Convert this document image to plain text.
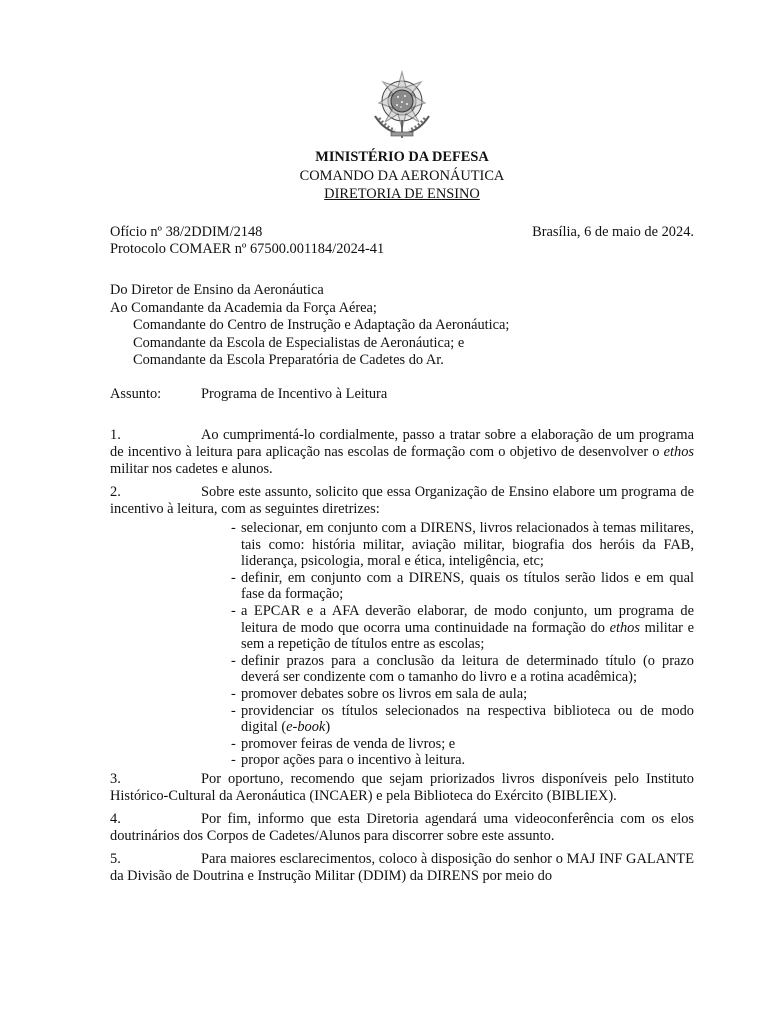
MINISTÉRIO DA DEFESA
COMANDO DA AERONÁUTICA
DIRETORIA DE ENSINO
Ofício nº 38/2DDIM/2148	Brasília, 6 de maio de 2024.
Protocolo COMAER nº 67500.001184/2024-41
Do Diretor de Ensino da Aeronáutica
Ao Comandante da Academia da Força Aérea;
Comandante do Centro de Instrução e Adaptação da Aeronáutica;
Comandante da Escola de Especialistas de Aeronáutica; e
Comandante da Escola Preparatória de Cadetes do Ar.
Assunto:	Programa de Incentivo à Leitura

1.	Ao cumprimentá-lo cordialmente, passo a tratar sobre a elaboração de um programa de incentivo à leitura para aplicação nas escolas de formação com o objetivo de desenvolver o ethos militar nos cadetes e alunos.

2.	Sobre este assunto, solicito que essa Organização de Ensino elabore um programa de incentivo à leitura, com as seguintes diretrizes:

- selecionar, em conjunto com a DIRENS, livros relacionados à temas militares, tais como: história militar, aviação militar, biografia dos heróis da FAB, liderança, psicologia, moral e ética, inteligência, etc;
- definir, em conjunto com a DIRENS, quais os títulos serão lidos e em qual fase da formação;
- a EPCAR e a AFA deverão elaborar, de modo conjunto, um programa de leitura de modo que ocorra uma continuidade na formação do ethos militar e sem a repetição de títulos entre as escolas;
- definir prazos para a conclusão da leitura de determinado título (o prazo deverá ser condizente com o tamanho do livro e a rotina acadêmica);
- promover debates sobre os livros em sala de aula;
- providenciar os títulos selecionados na respectiva biblioteca ou de modo digital (e-book)
- promover feiras de venda de livros; e
- propor ações para o incentivo à leitura.

3.	Por oportuno, recomendo que sejam priorizados livros disponíveis pelo Instituto Histórico-Cultural da Aeronáutica (INCAER) e pela Biblioteca do Exército (BIBLIEX).

4.	Por fim, informo que esta Diretoria agendará uma videoconferência com os elos doutrinários dos Corpos de Cadetes/Alunos para discorrer sobre este assunto.

5.	Para maiores esclarecimentos, coloco à disposição do senhor o MAJ INF GALANTE da Divisão de Doutrina e Instrução Militar (DDIM) da DIRENS por meio do
